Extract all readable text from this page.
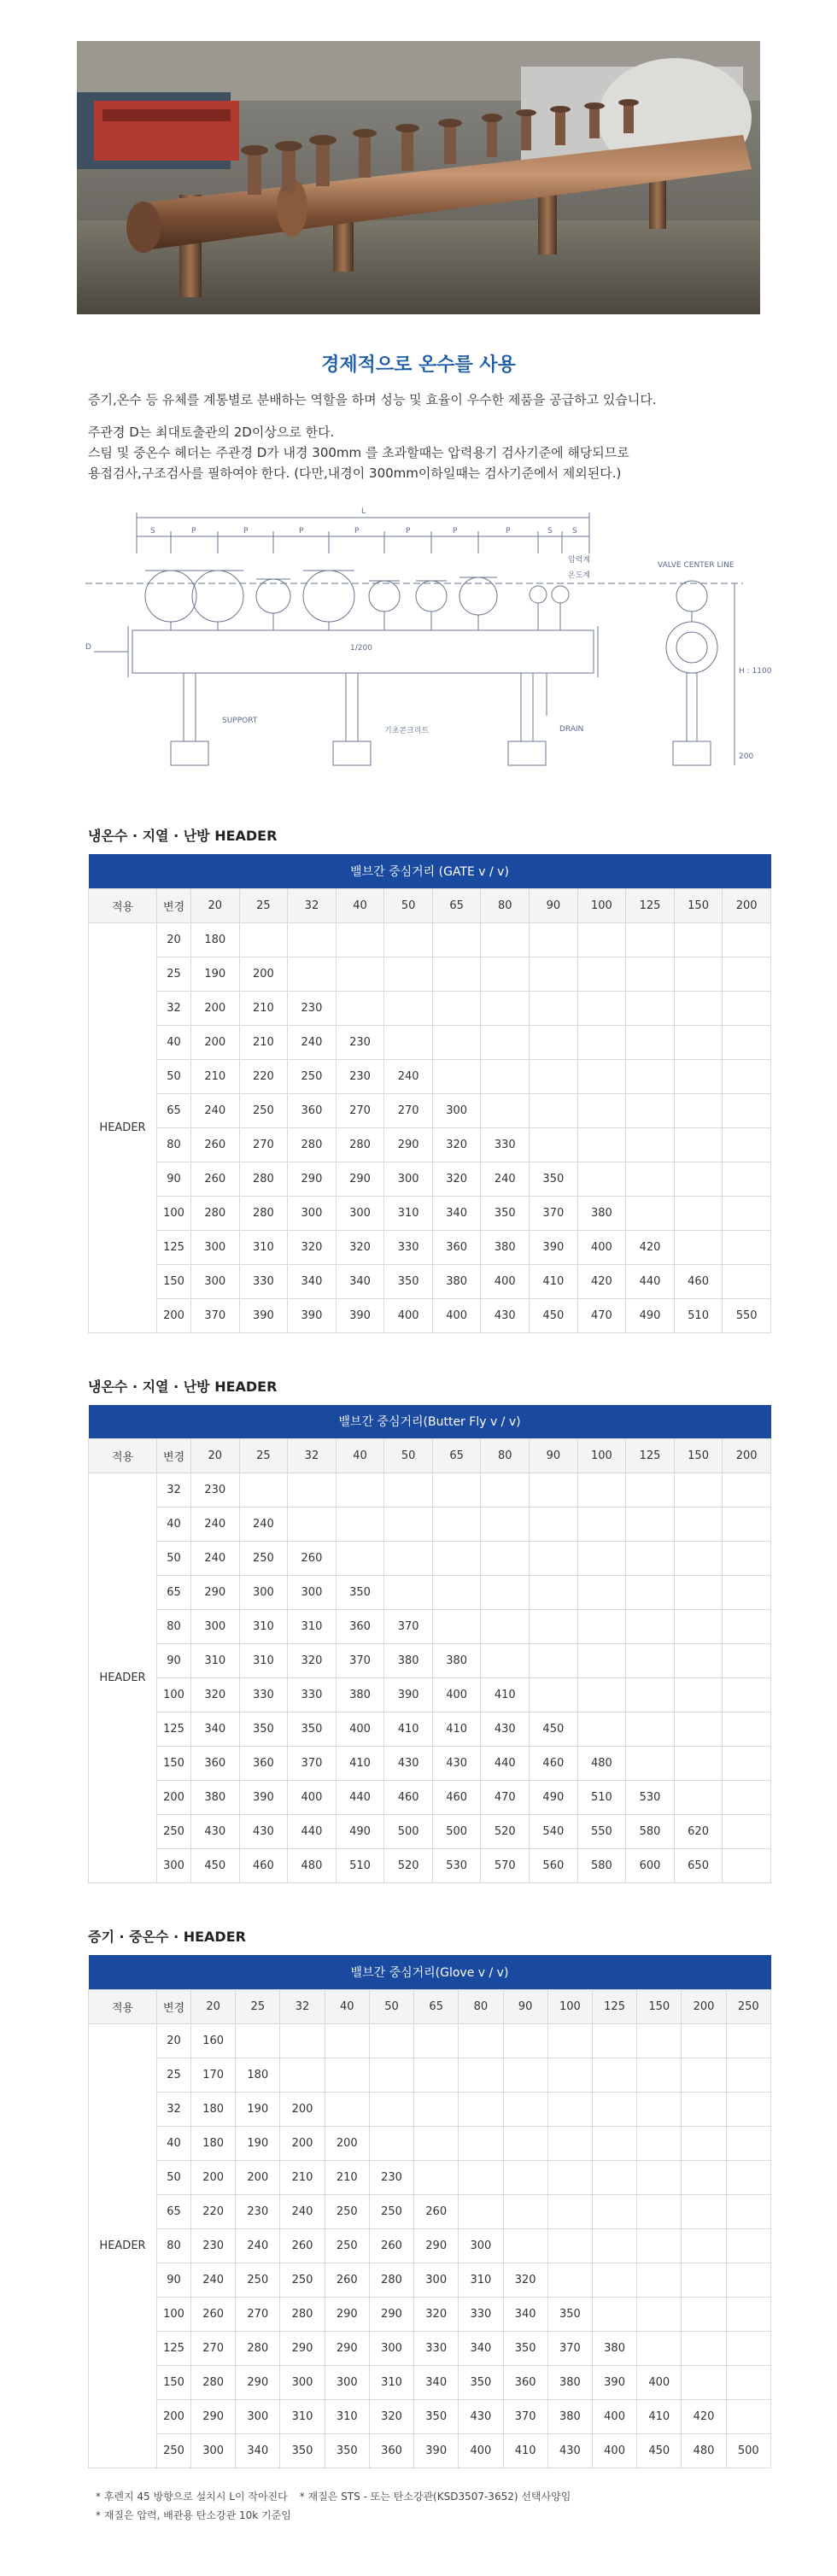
경제적으로 온수를 사용
증기,온수 등 유체를 계통별로 분배하는 역할을 하며 성능 및 효율이 우수한 제품을 공급하고 있습니다.
주관경 D는 최대토출관의 2D이상으로 한다.
스팀 및 중온수 헤더는 주관경 D가 내경 300mm 를 초과할때는 압력용기 검사기준에 해당되므로
용접검사,구조검사를 필하여야 한다. (다만,내경이 300mm이하일때는 검사기준에서 제외된다.)
L
S	P	P	P	P	P	P	P	S	S
D	1/200
SUPPORT
기초콘크리트	DRAIN
압력계
온도계
VALVE CENTER LINE
H : 1100
200
냉온수 · 지열 · 난방 HEADER
밸브간 중심거리 (GATE v / v)													
적용	변경	20	25	32	40	50	65	80	90	100	125	150	200
HEADER	20	180											
	25	190	200										
	32	200	210	230									
	40	200	210	240	230								
	50	210	220	250	230	240							
	65	240	250	360	270	270	300						
	80	260	270	280	280	290	320	330					
	90	260	280	290	290	300	320	240	350				
	100	280	280	300	300	310	340	350	370	380			
	125	300	310	320	320	330	360	380	390	400	420		
	150	300	330	340	340	350	380	400	410	420	440	460	
	200	370	390	390	390	400	400	430	450	470	490	510	550
냉온수 · 지열 · 난방 HEADER
밸브간 중심거리(Butter Fly v / v)													
적용	변경	20	25	32	40	50	65	80	90	100	125	150	200
HEADER	32	230											
	40	240	240										
	50	240	250	260									
	65	290	300	300	350								
	80	300	310	310	360	370							
	90	310	310	320	370	380	380						
	100	320	330	330	380	390	400	410					
	125	340	350	350	400	410	410	430	450				
	150	360	360	370	410	430	430	440	460	480			
	200	380	390	400	440	460	460	470	490	510	530		
	250	430	430	440	490	500	500	520	540	550	580	620	
	300	450	460	480	510	520	530	570	560	580	600	650	
증기 · 중온수 · HEADER
밸브간 중심거리(Glove v / v)														
적용	변경	20	25	32	40	50	65	80	90	100	125	150	200	250
HEADER	20	160												
	25	170	180											
	32	180	190	200										
	40	180	190	200	200									
	50	200	200	210	210	230								
	65	220	230	240	250	250	260							
	80	230	240	260	250	260	290	300						
	90	240	250	250	260	280	300	310	320					
	100	260	270	280	290	290	320	330	340	350				
	125	270	280	290	290	300	330	340	350	370	380			
	150	280	290	300	300	310	340	350	360	380	390	400		
	200	290	300	310	310	320	350	430	370	380	400	410	420	
	250	300	340	350	350	360	390	400	410	430	400	450	480	500
* 후렌지 45 방향으로 설치시 L이 작아진다 * 재질은 STS - 또는 탄소강관(KSD3507-3652) 선택사양임
* 재질은 압력, 배관용 탄소강관 10k 기준임
